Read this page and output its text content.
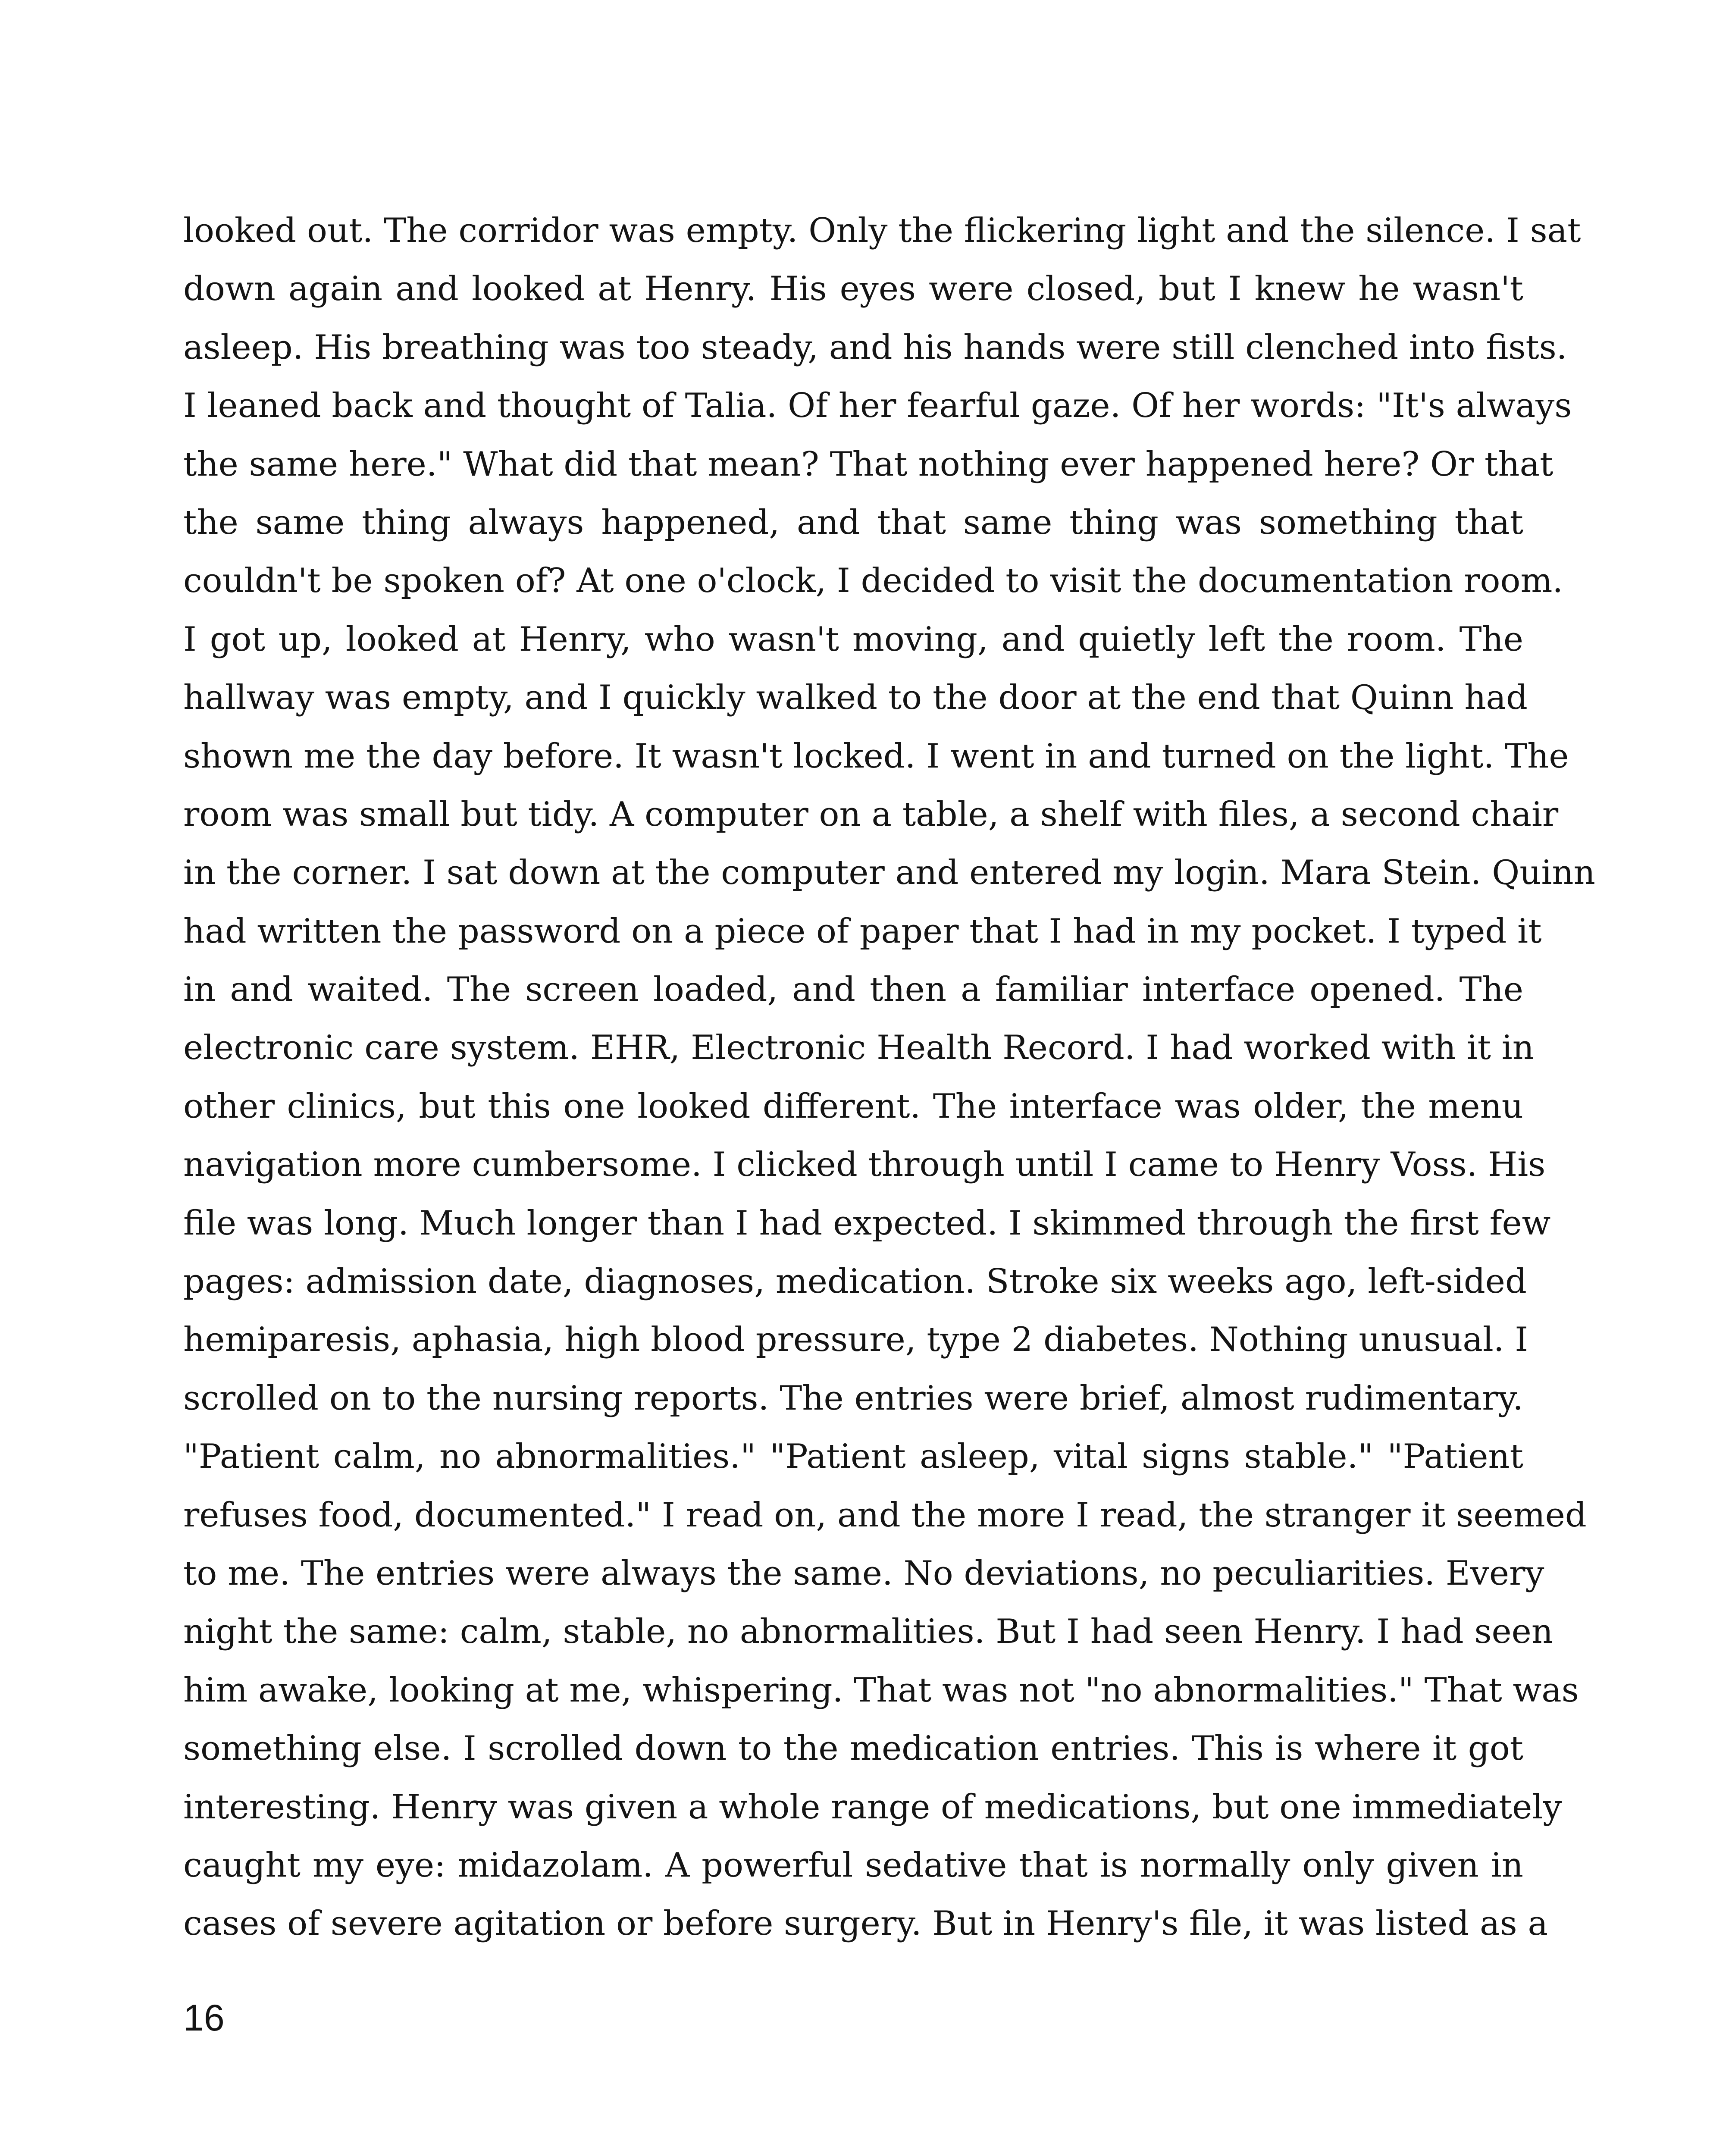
looked out. The corridor was empty. Only the flickering light and the silence. I sat
down again and looked at Henry. His eyes were closed, but I knew he wasn't
asleep. His breathing was too steady, and his hands were still clenched into fists.
I leaned back and thought of Talia. Of her fearful gaze. Of her words: "It's always
the same here." What did that mean? That nothing ever happened here? Or that
the same thing always happened, and that same thing was something that
couldn't be spoken of? At one o'clock, I decided to visit the documentation room.
I got up, looked at Henry, who wasn't moving, and quietly left the room. The
hallway was empty, and I quickly walked to the door at the end that Quinn had
shown me the day before. It wasn't locked. I went in and turned on the light. The
room was small but tidy. A computer on a table, a shelf with files, a second chair
in the corner. I sat down at the computer and entered my login. Mara Stein. Quinn
had written the password on a piece of paper that I had in my pocket. I typed it
in and waited. The screen loaded, and then a familiar interface opened. The
electronic care system. EHR, Electronic Health Record. I had worked with it in
other clinics, but this one looked different. The interface was older, the menu
navigation more cumbersome. I clicked through until I came to Henry Voss. His
file was long. Much longer than I had expected. I skimmed through the first few
pages: admission date, diagnoses, medication. Stroke six weeks ago, left-sided
hemiparesis, aphasia, high blood pressure, type 2 diabetes. Nothing unusual. I
scrolled on to the nursing reports. The entries were brief, almost rudimentary.
"Patient calm, no abnormalities." "Patient asleep, vital signs stable." "Patient
refuses food, documented." I read on, and the more I read, the stranger it seemed
to me. The entries were always the same. No deviations, no peculiarities. Every
night the same: calm, stable, no abnormalities. But I had seen Henry. I had seen
him awake, looking at me, whispering. That was not "no abnormalities." That was
something else. I scrolled down to the medication entries. This is where it got
interesting. Henry was given a whole range of medications, but one immediately
caught my eye: midazolam. A powerful sedative that is normally only given in
cases of severe agitation or before surgery. But in Henry's file, it was listed as a
16
